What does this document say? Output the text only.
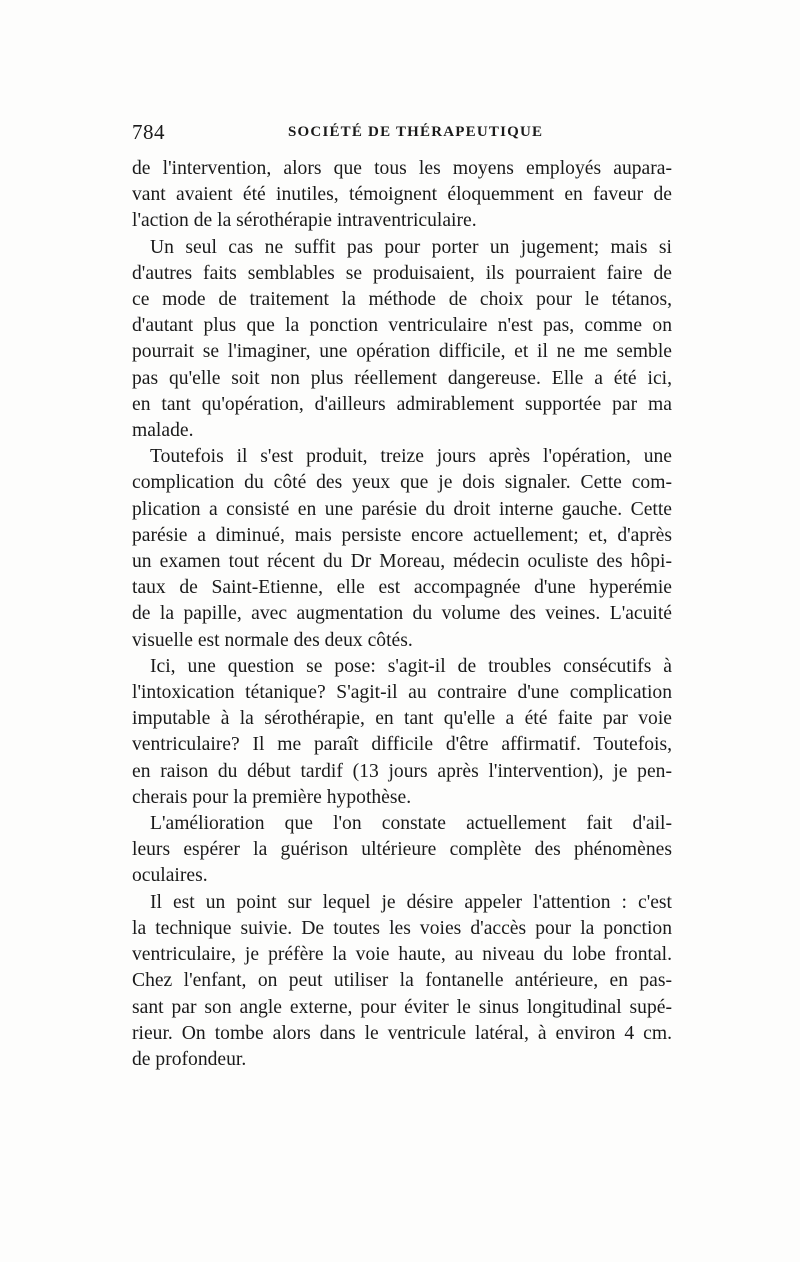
784	SOCIÉTÉ DE THÉRAPEUTIQUE
de l'intervention, alors que tous les moyens employés aupara-
vant avaient été inutiles, témoignent éloquemment en faveur de
l'action de la sérothérapie intraventriculaire.
Un seul cas ne suffit pas pour porter un jugement; mais si
d'autres faits semblables se produisaient, ils pourraient faire de
ce mode de traitement la méthode de choix pour le tétanos,
d'autant plus que la ponction ventriculaire n'est pas, comme on
pourrait se l'imaginer, une opération difficile, et il ne me semble
pas qu'elle soit non plus réellement dangereuse. Elle a été ici,
en tant qu'opération, d'ailleurs admirablement supportée par ma
malade.
Toutefois il s'est produit, treize jours après l'opération, une
complication du côté des yeux que je dois signaler. Cette com-
plication a consisté en une parésie du droit interne gauche. Cette
parésie a diminué, mais persiste encore actuellement; et, d'après
un examen tout récent du Dr Moreau, médecin oculiste des hôpi-
taux de Saint-Etienne, elle est accompagnée d'une hyperémie
de la papille, avec augmentation du volume des veines. L'acuité
visuelle est normale des deux côtés.
Ici, une question se pose: s'agit-il de troubles consécutifs à
l'intoxication tétanique? S'agit-il au contraire d'une complication
imputable à la sérothérapie, en tant qu'elle a été faite par voie
ventriculaire? Il me paraît difficile d'être affirmatif. Toutefois,
en raison du début tardif (13 jours après l'intervention), je pen-
cherais pour la première hypothèse.
L'amélioration que l'on constate actuellement fait d'ail-
leurs espérer la guérison ultérieure complète des phénomènes
oculaires.
Il est un point sur lequel je désire appeler l'attention : c'est
la technique suivie. De toutes les voies d'accès pour la ponction
ventriculaire, je préfère la voie haute, au niveau du lobe frontal.
Chez l'enfant, on peut utiliser la fontanelle antérieure, en pas-
sant par son angle externe, pour éviter le sinus longitudinal supé-
rieur. On tombe alors dans le ventricule latéral, à environ 4 cm.
de profondeur.
